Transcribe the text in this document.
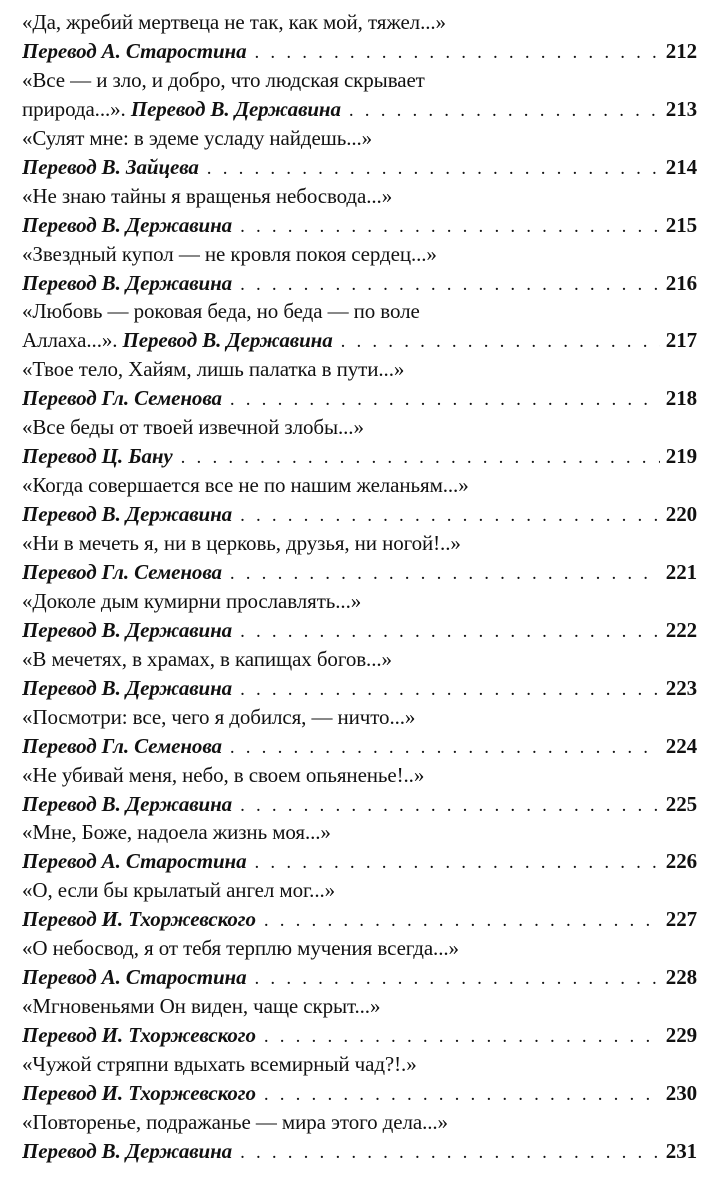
«Да, жребий мертвеца не так, как мой, тяжел...»
Перевод А. Старостина . . .	212
«Все — и зло, и добро, что людская скрывает
природа...». Перевод В. Державина . . .	213
«Сулят мне: в эдеме усладу найдешь...»
Перевод В. Зайцева . . .	214
«Не знаю тайны я вращенья небосвода...»
Перевод В. Державина . . .	215
«Звездный купол — не кровля покоя сердец...»
Перевод В. Державина . . .	216
«Любовь — роковая беда, но беда — по воле
Аллаха...». Перевод В. Державина . . .	217
«Твое тело, Хайям, лишь палатка в пути...»
Перевод Гл. Семенова . . .	218
«Все беды от твоей извечной злобы...»
Перевод Ц. Бану . . .	219
«Когда совершается все не по нашим желаньям...»
Перевод В. Державина . . .	220
«Ни в мечеть я, ни в церковь, друзья, ни ногой!..»
Перевод Гл. Семенова . . .	221
«Доколе дым кумирни прославлять...»
Перевод В. Державина . . .	222
«В мечетях, в храмах, в капищах богов...»
Перевод В. Державина . . .	223
«Посмотри: все, чего я добился, — ничто...»
Перевод Гл. Семенова . . .	224
«Не убивай меня, небо, в своем опьяненье!..»
Перевод В. Державина . . .	225
«Мне, Боже, надоела жизнь моя...»
Перевод А. Старостина . . .	226
«О, если бы крылатый ангел мог...»
Перевод И. Тхоржевского . . .	227
«О небосвод, я от тебя терплю мучения всегда...»
Перевод А. Старостина . . .	228
«Мгновеньями Он виден, чаще скрыт...»
Перевод И. Тхоржевского . . .	229
«Чужой стряпни вдыхать всемирный чад?!.»
Перевод И. Тхоржевского . . .	230
«Повторенье, подражанье — мира этого дела...»
Перевод В. Державина . . .	231
